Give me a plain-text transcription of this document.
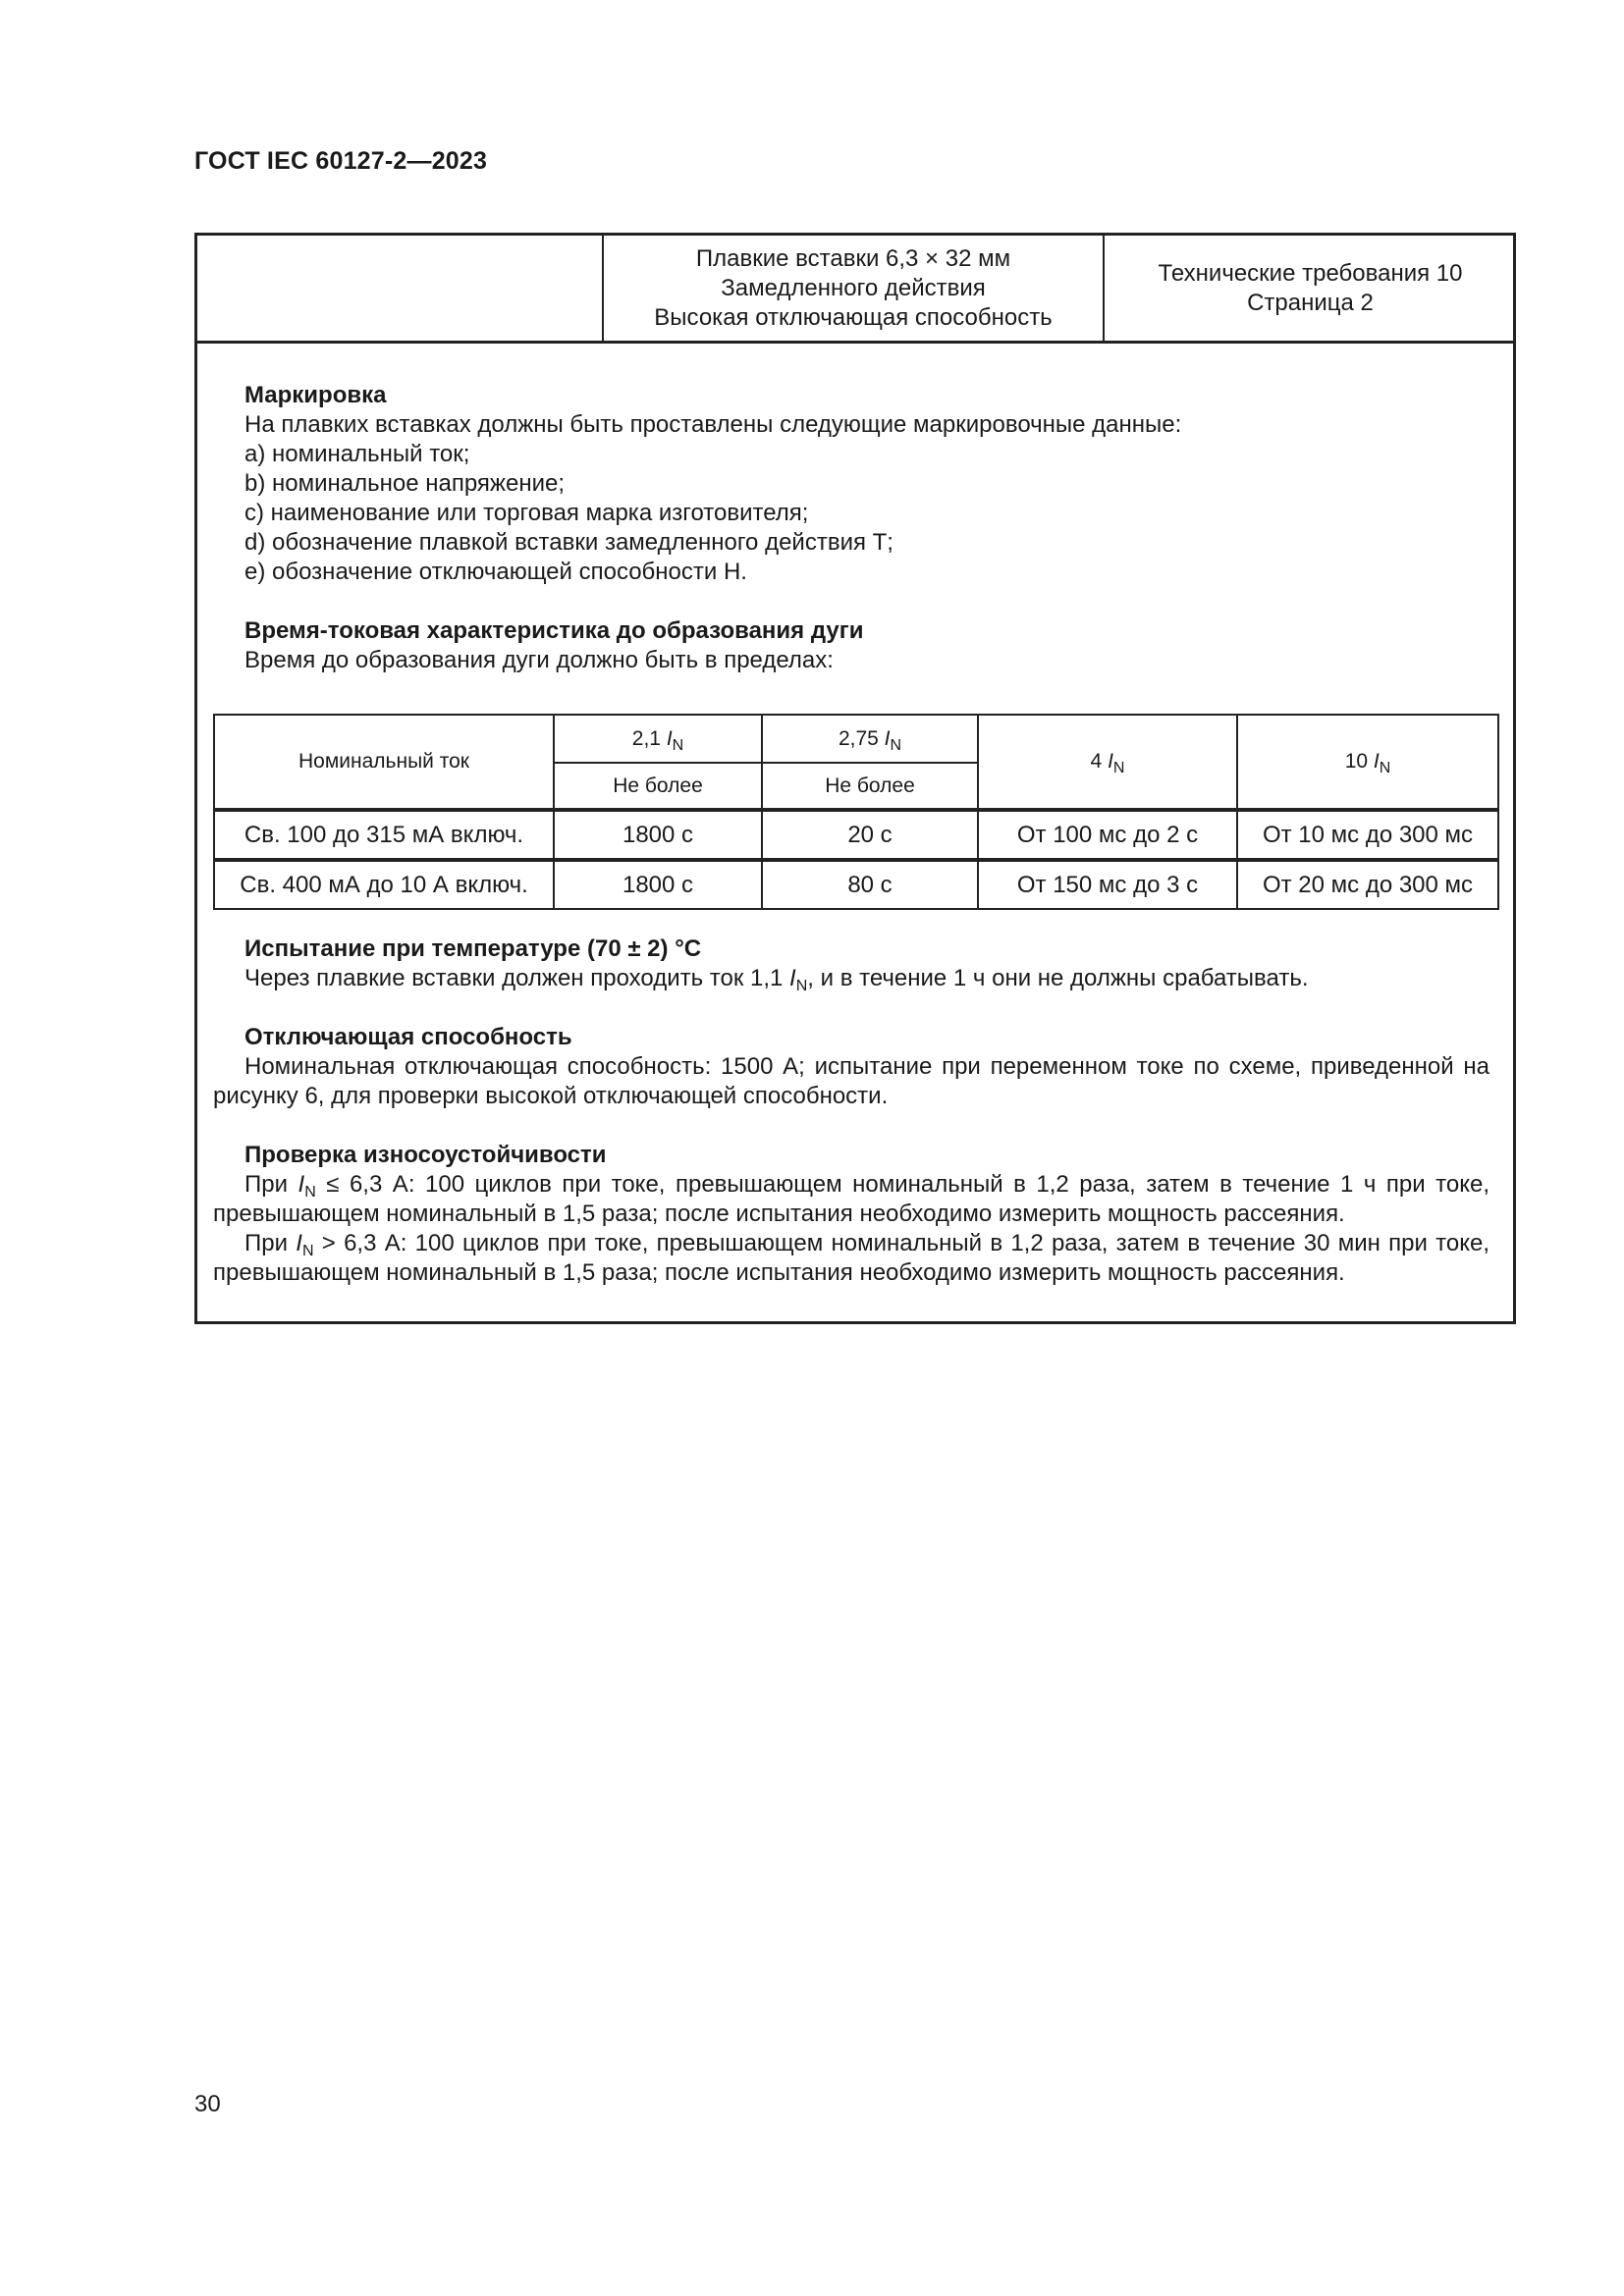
ГОСТ IEC 60127-2—2023
Плавкие вставки 6,3 × 32 мм
Замедленного действия
Высокая отключающая способность
Технические требования 10
Страница 2
Маркировка
На плавких вставках должны быть проставлены следующие маркировочные данные:
а) номинальный ток;
b) номинальное напряжение;
с) наименование или торговая марка изготовителя;
d) обозначение плавкой вставки замедленного действия Т;
е) обозначение отключающей способности Н.
Время-токовая характеристика до образования дуги
Время до образования дуги должно быть в пределах:
Номинальный ток	2,1 $I_N$	2,75 $I_N$	4 $I_N$	10 $I_N$
	Не более	Не более		
Св. 100 до 315 мА включ.	1800 с	20 с	От 100 мс до 2 с	От 10 мс до 300 мс
Св. 400 мА до 10 А включ.	1800 с	80 с	От 150 мс до 3 с	От 20 мс до 300 мс
Испытание при температуре (70 ± 2) °С
Через плавкие вставки должен проходить ток 1,1 $I_N$, и в течение 1 ч они не должны срабатывать.
Отключающая способность
Номинальная отключающая способность: 1500 А; испытание при переменном токе по схеме, приведенной на
рисунку 6, для проверки высокой отключающей способности.
Проверка износоустойчивости
При $I_N \le 6,3$ А: 100 циклов при токе, превышающем номинальный в 1,2 раза, затем в течение 1 ч при токе,
превышающем номинальный в 1,5 раза; после испытания необходимо измерить мощность рассеяния.
При $I_N > 6,3$ А: 100 циклов при токе, превышающем номинальный в 1,2 раза, затем в течение 30 мин при токе,
превышающем номинальный в 1,5 раза; после испытания необходимо измерить мощность рассеяния.
30
